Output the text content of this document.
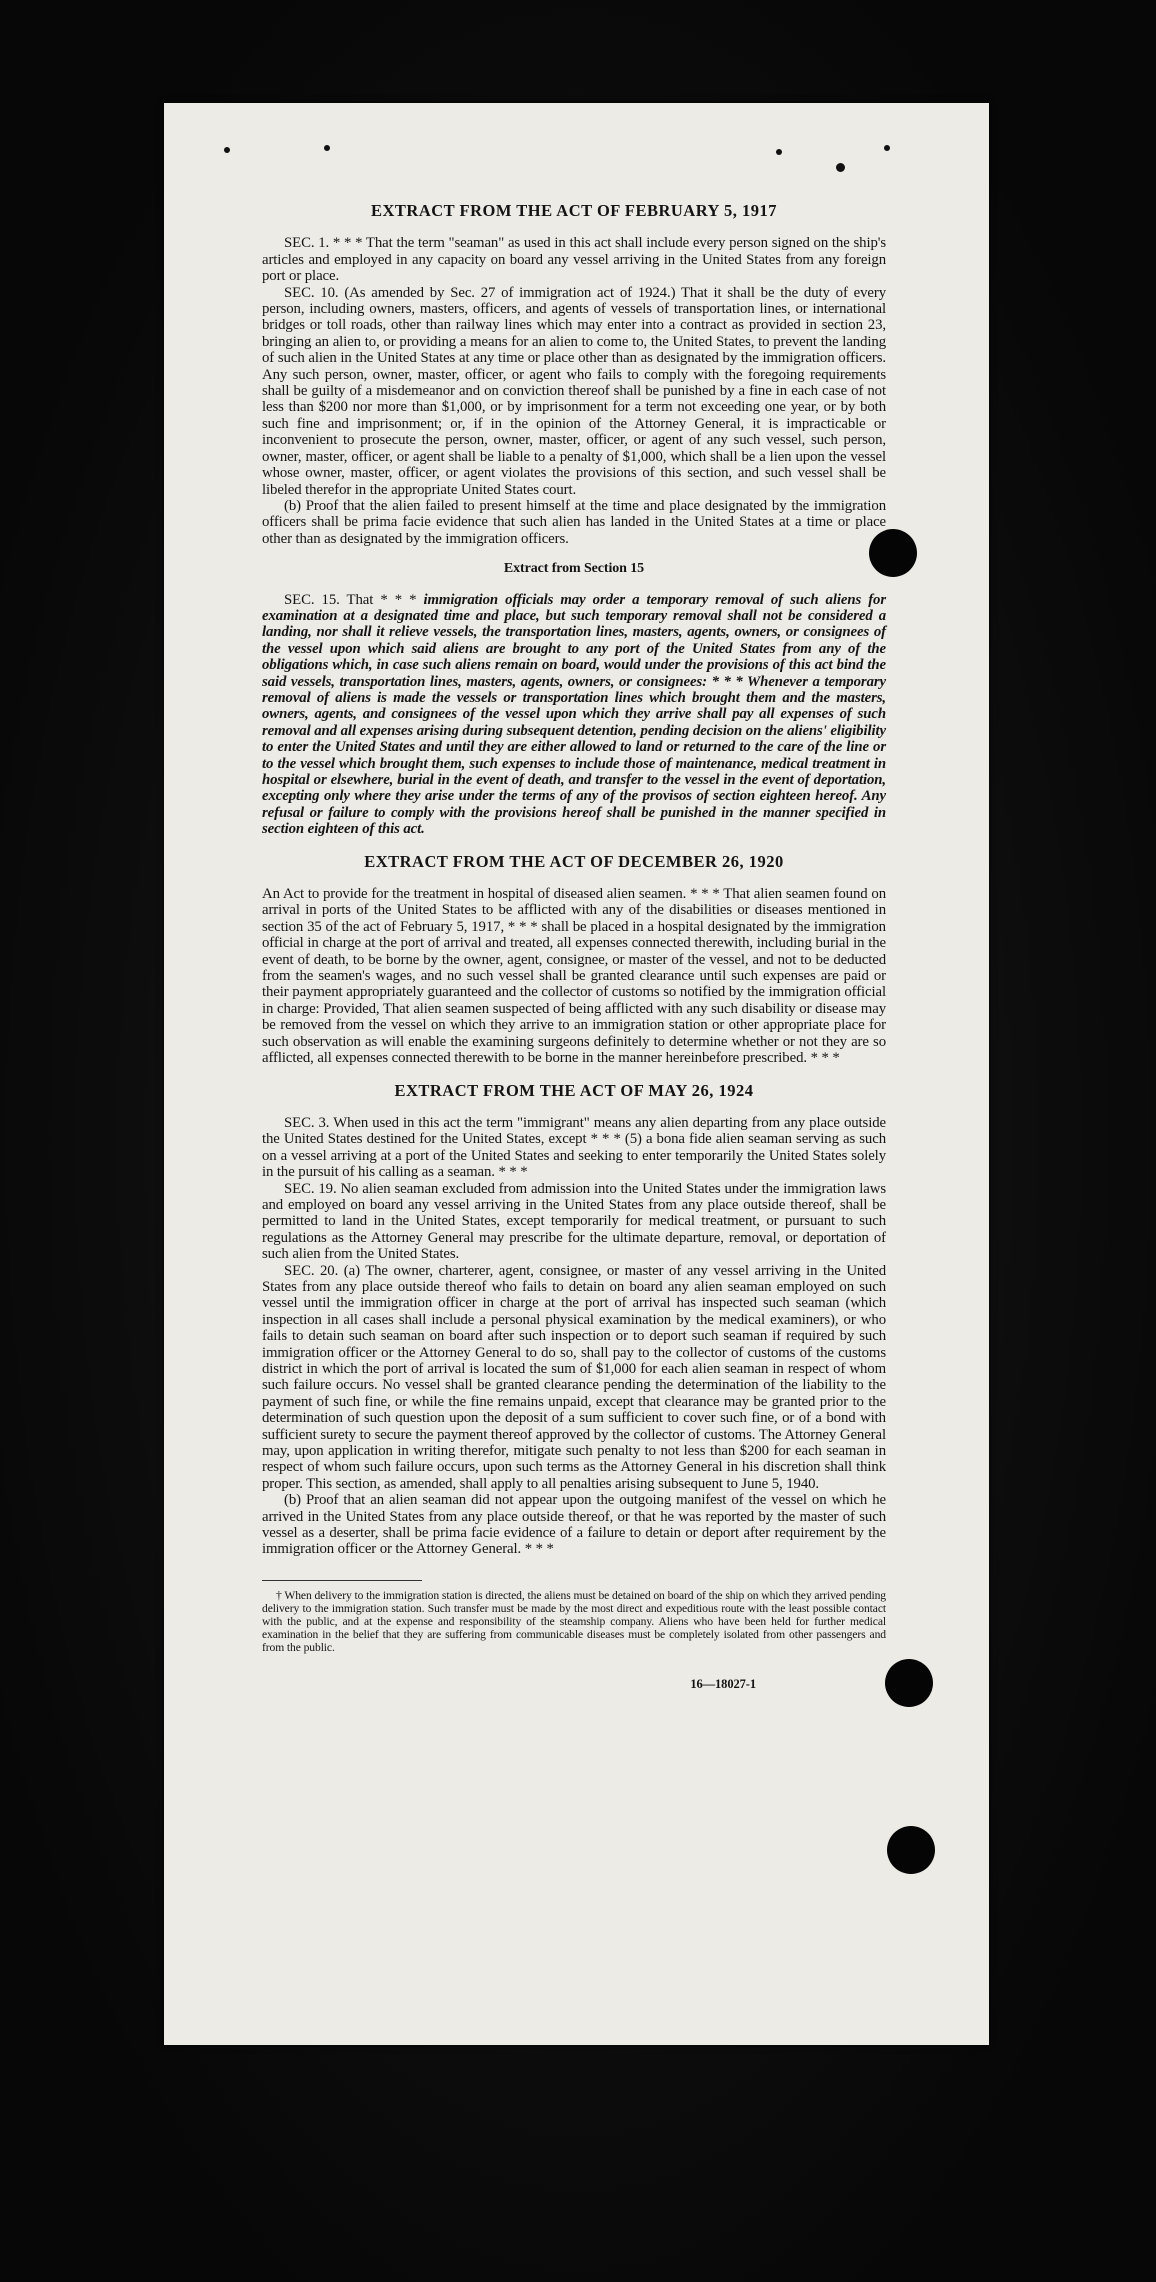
EXTRACT FROM THE ACT OF FEBRUARY 5, 1917

SEC. 1. * * * That the term "seaman" as used in this act shall include every person signed on the ship's articles and employed in any capacity on board any vessel arriving in the United States from any foreign port or place.

SEC. 10. (As amended by Sec. 27 of immigration act of 1924.) That it shall be the duty of every person, including owners, masters, officers, and agents of vessels of transportation lines, or international bridges or toll roads, other than railway lines which may enter into a contract as provided in section 23, bringing an alien to, or providing a means for an alien to come to, the United States, to prevent the landing of such alien in the United States at any time or place other than as designated by the immigration officers. Any such person, owner, master, officer, or agent who fails to comply with the foregoing requirements shall be guilty of a misdemeanor and on conviction thereof shall be punished by a fine in each case of not less than $200 nor more than $1,000, or by imprisonment for a term not exceeding one year, or by both such fine and imprisonment; or, if in the opinion of the Attorney General, it is impracticable or inconvenient to prosecute the person, owner, master, officer, or agent of any such vessel, such person, owner, master, officer, or agent shall be liable to a penalty of $1,000, which shall be a lien upon the vessel whose owner, master, officer, or agent violates the provisions of this section, and such vessel shall be libeled therefor in the appropriate United States court.

(b) Proof that the alien failed to present himself at the time and place designated by the immigration officers shall be prima facie evidence that such alien has landed in the United States at a time or place other than as designated by the immigration officers.

Extract from Section 15

SEC. 15. That * * * immigration officials may order a temporary removal of such aliens for examination at a designated time and place, but such temporary removal shall not be considered a landing, nor shall it relieve vessels, the transportation lines, masters, agents, owners, or consignees of the vessel upon which said aliens are brought to any port of the United States from any of the obligations which, in case such aliens remain on board, would under the provisions of this act bind the said vessels, transportation lines, masters, agents, owners, or consignees: * * * Whenever a temporary removal of aliens is made the vessels or transportation lines which brought them and the masters, owners, agents, and consignees of the vessel upon which they arrive shall pay all expenses of such removal and all expenses arising during subsequent detention, pending decision on the aliens' eligibility to enter the United States and until they are either allowed to land or returned to the care of the line or to the vessel which brought them, such expenses to include those of maintenance, medical treatment in hospital or elsewhere, burial in the event of death, and transfer to the vessel in the event of deportation, excepting only where they arise under the terms of any of the provisos of section eighteen hereof. Any refusal or failure to comply with the provisions hereof shall be punished in the manner specified in section eighteen of this act.

EXTRACT FROM THE ACT OF DECEMBER 26, 1920

An Act to provide for the treatment in hospital of diseased alien seamen. * * * That alien seamen found on arrival in ports of the United States to be afflicted with any of the disabilities or diseases mentioned in section 35 of the act of February 5, 1917, * * * shall be placed in a hospital designated by the immigration official in charge at the port of arrival and treated, all expenses connected therewith, including burial in the event of death, to be borne by the owner, agent, consignee, or master of the vessel, and not to be deducted from the seamen's wages, and no such vessel shall be granted clearance until such expenses are paid or their payment appropriately guaranteed and the collector of customs so notified by the immigration official in charge: Provided, That alien seamen suspected of being afflicted with any such disability or disease may be removed from the vessel on which they arrive to an immigration station or other appropriate place for such observation as will enable the examining surgeons definitely to determine whether or not they are so afflicted, all expenses connected therewith to be borne in the manner hereinbefore prescribed. * * *

EXTRACT FROM THE ACT OF MAY 26, 1924

SEC. 3. When used in this act the term "immigrant" means any alien departing from any place outside the United States destined for the United States, except * * * (5) a bona fide alien seaman serving as such on a vessel arriving at a port of the United States and seeking to enter temporarily the United States solely in the pursuit of his calling as a seaman. * * *

SEC. 19. No alien seaman excluded from admission into the United States under the immigration laws and employed on board any vessel arriving in the United States from any place outside thereof, shall be permitted to land in the United States, except temporarily for medical treatment, or pursuant to such regulations as the Attorney General may prescribe for the ultimate departure, removal, or deportation of such alien from the United States.

SEC. 20. (a) The owner, charterer, agent, consignee, or master of any vessel arriving in the United States from any place outside thereof who fails to detain on board any alien seaman employed on such vessel until the immigration officer in charge at the port of arrival has inspected such seaman (which inspection in all cases shall include a personal physical examination by the medical examiners), or who fails to detain such seaman on board after such inspection or to deport such seaman if required by such immigration officer or the Attorney General to do so, shall pay to the collector of customs of the customs district in which the port of arrival is located the sum of $1,000 for each alien seaman in respect of whom such failure occurs. No vessel shall be granted clearance pending the determination of the liability to the payment of such fine, or while the fine remains unpaid, except that clearance may be granted prior to the determination of such question upon the deposit of a sum sufficient to cover such fine, or of a bond with sufficient surety to secure the payment thereof approved by the collector of customs. The Attorney General may, upon application in writing therefor, mitigate such penalty to not less than $200 for each seaman in respect of whom such failure occurs, upon such terms as the Attorney General in his discretion shall think proper. This section, as amended, shall apply to all penalties arising subsequent to June 5, 1940.

(b) Proof that an alien seaman did not appear upon the outgoing manifest of the vessel on which he arrived in the United States from any place outside thereof, or that he was reported by the master of such vessel as a deserter, shall be prima facie evidence of a failure to detain or deport after requirement by the immigration officer or the Attorney General. * * *

† When delivery to the immigration station is directed, the aliens must be detained on board of the ship on which they arrived pending delivery to the immigration station. Such transfer must be made by the most direct and expeditious route with the least possible contact with the public, and at the expense and responsibility of the steamship company. Aliens who have been held for further medical examination in the belief that they are suffering from communicable diseases must be completely isolated from other passengers and from the public.

16—18027-1
